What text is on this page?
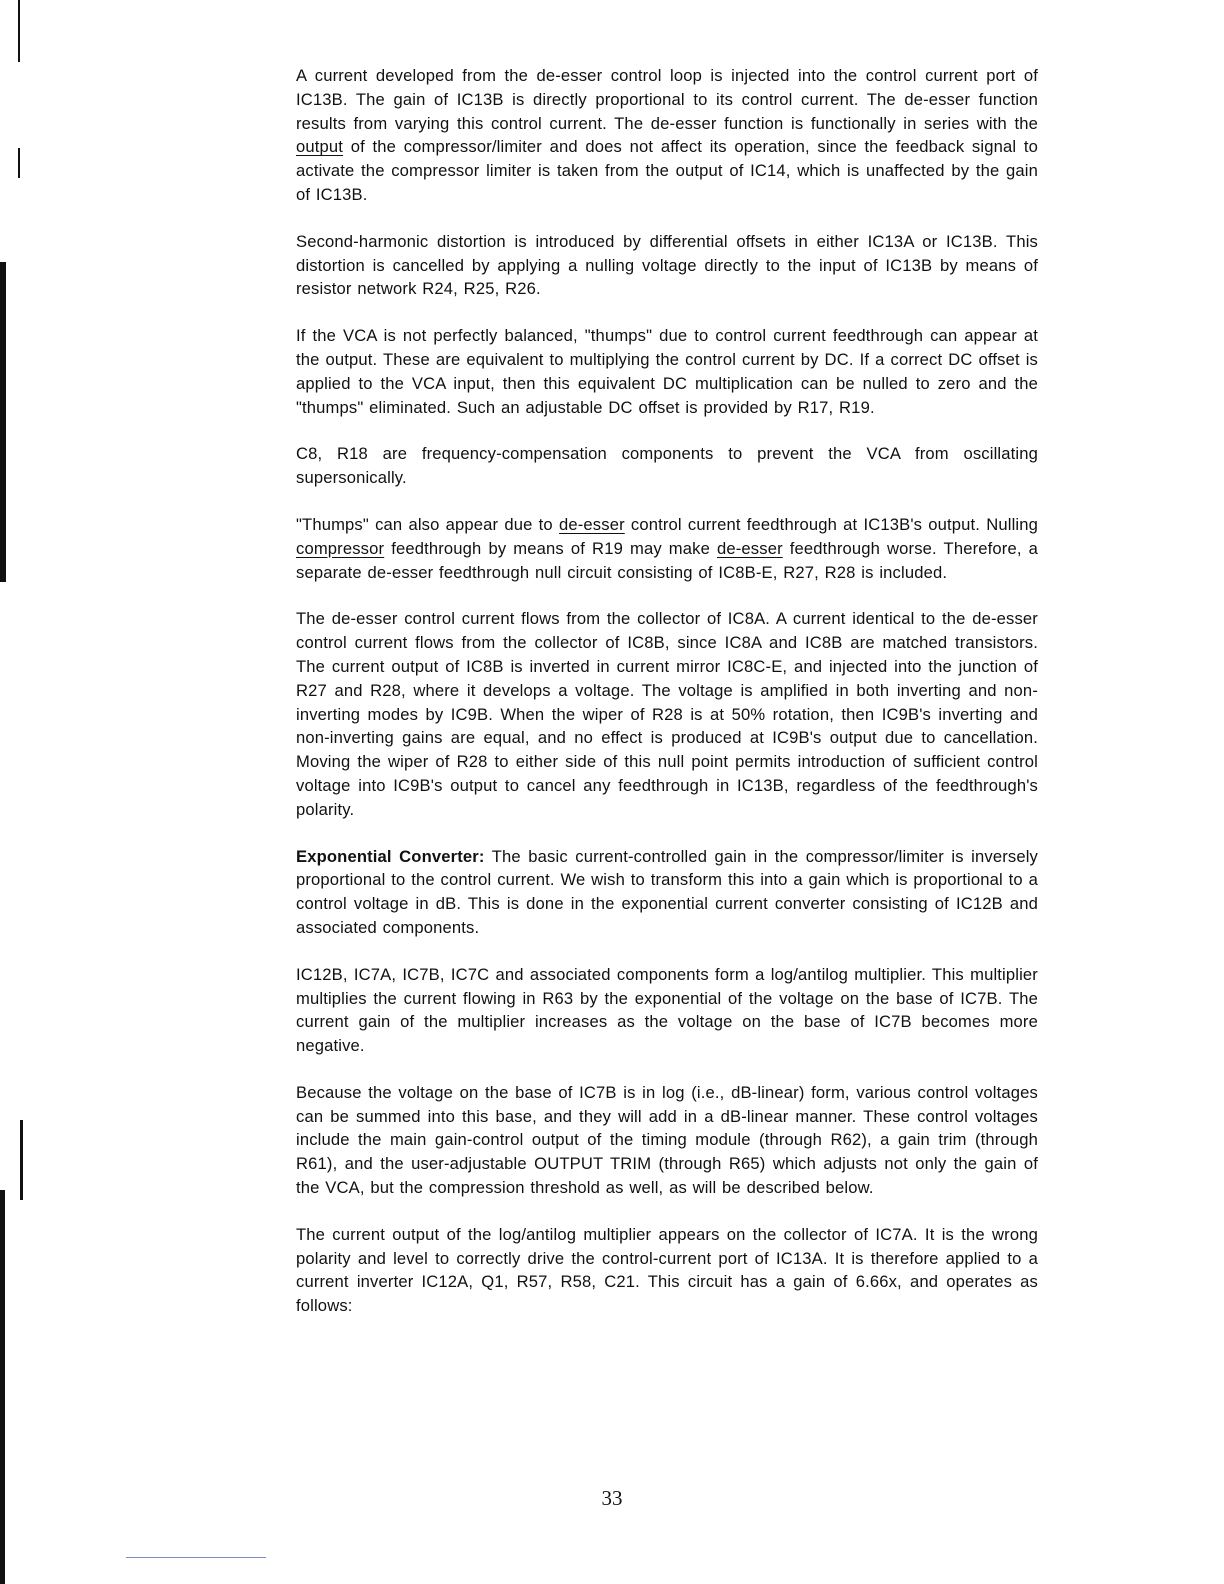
A current developed from the de-esser control loop is injected into the control current port of IC13B. The gain of IC13B is directly proportional to its control current. The de-esser function results from varying this control current. The de-esser function is functionally in series with the output of the compressor/limiter and does not affect its operation, since the feedback signal to activate the compressor limiter is taken from the output of IC14, which is unaffected by the gain of IC13B.

Second-harmonic distortion is introduced by differential offsets in either IC13A or IC13B. This distortion is cancelled by applying a nulling voltage directly to the input of IC13B by means of resistor network R24, R25, R26.

If the VCA is not perfectly balanced, "thumps" due to control current feedthrough can appear at the output. These are equivalent to multiplying the control current by DC. If a correct DC offset is applied to the VCA input, then this equivalent DC multiplication can be nulled to zero and the "thumps" eliminated. Such an adjustable DC offset is provided by R17, R19.

C8, R18 are frequency-compensation components to prevent the VCA from oscillating supersonically.

"Thumps" can also appear due to de-esser control current feedthrough at IC13B's output. Nulling compressor feedthrough by means of R19 may make de-esser feedthrough worse. Therefore, a separate de-esser feedthrough null circuit consisting of IC8B-E, R27, R28 is included.

The de-esser control current flows from the collector of IC8A. A current identical to the de-esser control current flows from the collector of IC8B, since IC8A and IC8B are matched transistors. The current output of IC8B is inverted in current mirror IC8C-E, and injected into the junction of R27 and R28, where it develops a voltage. The voltage is amplified in both inverting and non-inverting modes by IC9B. When the wiper of R28 is at 50% rotation, then IC9B's inverting and non-inverting gains are equal, and no effect is produced at IC9B's output due to cancellation. Moving the wiper of R28 to either side of this null point permits introduction of sufficient control voltage into IC9B's output to cancel any feedthrough in IC13B, regardless of the feedthrough's polarity.

Exponential Converter: The basic current-controlled gain in the compressor/limiter is inversely proportional to the control current. We wish to transform this into a gain which is proportional to a control voltage in dB. This is done in the exponential current converter consisting of IC12B and associated components.

IC12B, IC7A, IC7B, IC7C and associated components form a log/antilog multiplier. This multiplier multiplies the current flowing in R63 by the exponential of the voltage on the base of IC7B. The current gain of the multiplier increases as the voltage on the base of IC7B becomes more negative.

Because the voltage on the base of IC7B is in log (i.e., dB-linear) form, various control voltages can be summed into this base, and they will add in a dB-linear manner. These control voltages include the main gain-control output of the timing module (through R62), a gain trim (through R61), and the user-adjustable OUTPUT TRIM (through R65) which adjusts not only the gain of the VCA, but the compression threshold as well, as will be described below.

The current output of the log/antilog multiplier appears on the collector of IC7A. It is the wrong polarity and level to correctly drive the control-current port of IC13A. It is therefore applied to a current inverter IC12A, Q1, R57, R58, C21. This circuit has a gain of 6.66x, and operates as follows:

33
